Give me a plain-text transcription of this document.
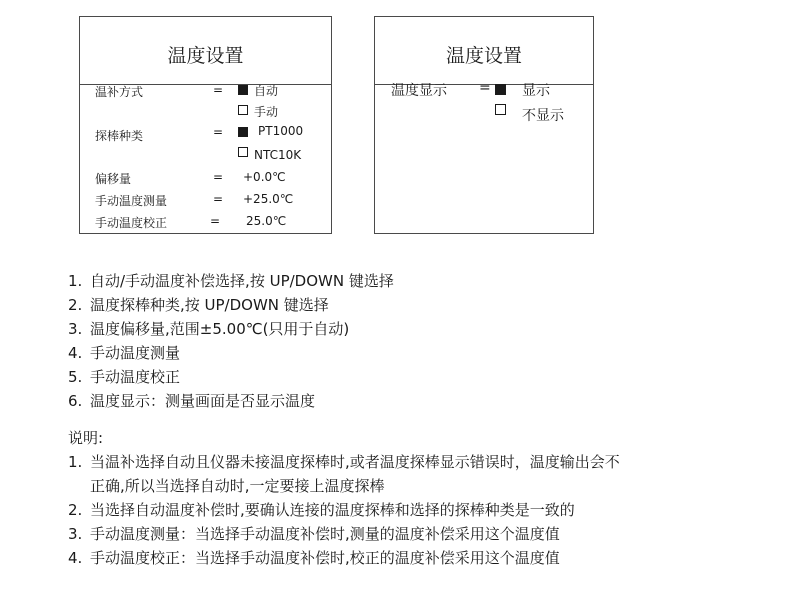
温度设置
温补方式	=	自动
手动
探棒种类	=	PT1000
NTC10K
偏移量	= +0.0℃
手动温度测量	= +25.0℃
手动温度校正	= 25.0℃
温度设置
温度显示 = 显示
不显示
1. 自动/手动温度补偿选择,按 UP/DOWN 键选择
2. 温度探棒种类,按 UP/DOWN 键选择
3. 温度偏移量,范围±5.00℃(只用于自动)
4. 手动温度测量
5. 手动温度校正
6. 温度显示：测量画面是否显示温度
说明:
1. 当温补选择自动且仪器未接温度探棒时,或者温度探棒显示错误时，温度输出会不
正确,所以当选择自动时,一定要接上温度探棒
2. 当选择自动温度补偿时,要确认连接的温度探棒和选择的探棒种类是一致的
3. 手动温度测量：当选择手动温度补偿时,测量的温度补偿采用这个温度值
4. 手动温度校正：当选择手动温度补偿时,校正的温度补偿采用这个温度值
